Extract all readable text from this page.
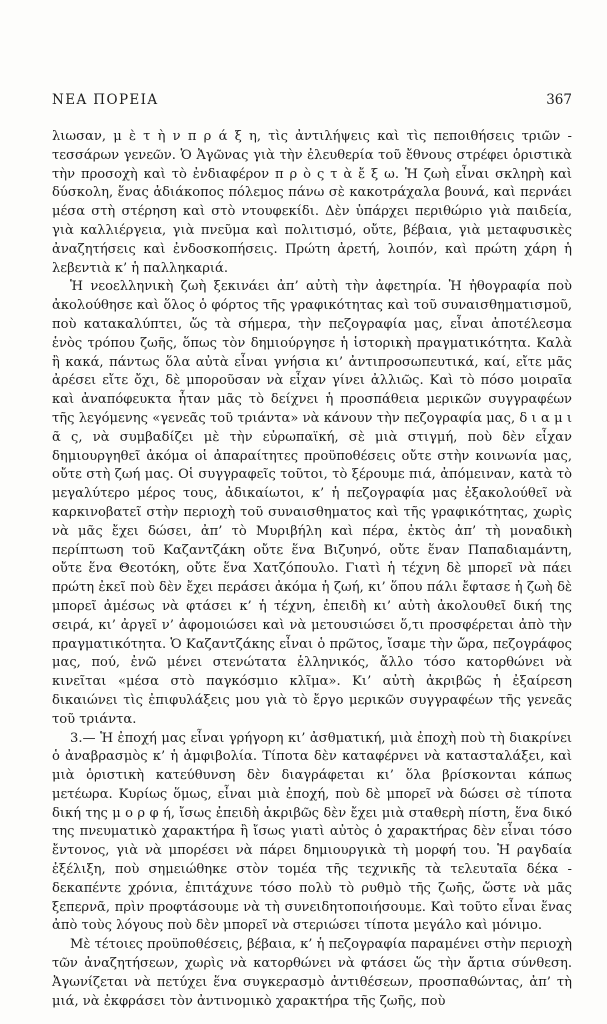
ΝΕΑ ΠΟΡΕΙΑ	367

λιωσαν, μ ὲ τ ὴ ν π ρ ά ξ η, τὶς ἀντιλήψεις καὶ τὶς πεποιθήσεις τριῶν - τεσσάρων γενεῶν. Ὁ Ἀγῶνας γιὰ τὴν ἐλευθερία τοῦ ἔθνους στρέφει ὁριστικὰ τὴν προσοχὴ καὶ τὸ ἐνδιαφέρον π ρ ὸ ς τ ὰ ἔ ξ ω. Ἡ ζωὴ εἶναι σκληρὴ καὶ δύσκολη, ἕνας ἀδιάκοπος πόλεμος πάνω σὲ κακοτράχαλα βουνά, καὶ περνάει μέσα στὴ στέρηση καὶ στὸ ντουφεκίδι. Δὲν ὑπάρχει περιθώριο γιὰ παιδεία, γιὰ καλλιέργεια, γιὰ πνεῦμα καὶ πολιτισμό, οὔτε, βέβαια, γιὰ μεταφυσικὲς ἀναζητήσεις καὶ ἐνδοσκοπήσεις. Πρώτη ἀρετή, λοιπόν, καὶ πρώτη χάρη ἡ λεβεντιὰ κ’ ἡ παλληκαριά.

Ἡ νεοελληνικὴ ζωὴ ξεκινάει ἀπ’ αὐτὴ τὴν ἀφετηρία. Ἡ ἠθογραφία ποὺ ἀκολούθησε καὶ ὅλος ὁ φόρτος τῆς γραφικότητας καὶ τοῦ συναισθηματισμοῦ, ποὺ κατακαλύπτει, ὥς τὰ σήμερα, τὴν πεζογραφία μας, εἶναι ἀποτέλεσμα ἑνὸς τρόπου ζωῆς, ὅπως τὸν δημιούργησε ἡ ἱστορικὴ πραγματικότητα. Καλὰ ἢ κακά, πάντως ὅλα αὐτὰ εἶναι γνήσια κι’ ἀντιπροσωπευτικά, καί, εἴτε μᾶς ἀρέσει εἴτε ὄχι, δὲ μποροῦσαν νὰ εἶχαν γίνει ἀλλιῶς. Καὶ τὸ πόσο μοιραῖα καὶ ἀναπόφευκτα ἦταν μᾶς τὸ δείχνει ἡ προσπάθεια μερικῶν συγγραφέων τῆς λεγόμενης «γενεᾶς τοῦ τριάντα» νὰ κάνουν τὴν πεζογραφία μας, δ ι α μ ι ᾶ ς, νὰ συμβαδίζει μὲ τὴν εὐρωπαϊκή, σὲ μιὰ στιγμή, ποὺ δὲν εἶχαν δημιουργηθεῖ ἀκόμα οἱ ἀπαραίτητες προϋποθέσεις οὔτε στὴν κοινωνία μας, οὔτε στὴ ζωή μας. Οἱ συγγραφεῖς τοῦτοι, τὸ ξέρουμε πιά, ἀπόμειναν, κατὰ τὸ μεγαλύτερο μέρος τους, ἀδικαίωτοι, κ’ ἡ πεζογραφία μας ἐξακολούθεῖ νὰ καρκινοβατεῖ στὴν περιοχὴ τοῦ συναισθηματος καὶ τῆς γραφικότητας, χωρὶς νὰ μᾶς ἔχει δώσει, ἀπ’ τὸ Μυριβήλη καὶ πέρα, ἐκτὸς ἀπ’ τὴ μοναδικὴ περίπτωση τοῦ Καζαντζάκη οὔτε ἕνα Βιζυηνό, οὔτε ἕναν Παπαδιαμάντη, οὔτε ἕνα Θεοτόκη, οὔτε ἕνα Χατζόπουλο. Γιατὶ ἡ τέχνη δὲ μπορεῖ νὰ πάει πρώτη ἐκεῖ ποὺ δὲν ἔχει περάσει ἀκόμα ἡ ζωή, κι’ ὅπου πάλι ἔφτασε ἡ ζωὴ δὲ μπορεῖ ἀμέσως νὰ φτάσει κ’ ἡ τέχνη, ἐπειδὴ κι’ αὐτὴ ἀκολουθεῖ δική της σειρά, κι’ ἀργεῖ ν’ ἀφομοιώσει καὶ νὰ μετουσιώσει ὅ,τι προσφέρεται ἀπὸ τὴν πραγματικότητα. Ὁ Καζαντζάκης εἶναι ὁ πρῶτος, ἴσαμε τὴν ὥρα, πεζογράφος μας, πού, ἐνῶ μένει στενώτατα ἑλληνικός, ἄλλο τόσο κατορθώνει νὰ κινεῖται «μέσα στὸ παγκόσμιο κλῖμα». Κι’ αὐτὴ ἀκριβῶς ἡ ἐξαίρεση δικαιώνει τὶς ἐπιφυλάξεις μου γιὰ τὸ ἔργο μερικῶν συγγραφέων τῆς γενεᾶς τοῦ τριάντα.

3.— Ἡ ἐποχή μας εἶναι γρήγορη κι’ ἀσθματική, μιὰ ἐποχὴ ποὺ τὴ διακρίνει ὁ ἀναβρασμὸς κ’ ἡ ἀμφιβολία. Τίποτα δὲν καταφέρνει νὰ κατασταλάξει, καὶ μιὰ ὁριστικὴ κατεύθυνση δὲν διαγράφεται κι’ ὅλα βρίσκονται κάπως μετέωρα. Κυρίως ὅμως, εἶναι μιὰ ἐποχή, ποὺ δὲ μπορεῖ νὰ δώσει σὲ τίποτα δική της μ ο ρ φ ή, ἴσως ἐπειδὴ ἀκριβῶς δὲν ἔχει μιὰ σταθερὴ πίστη, ἕνα δικό της πνευματικὸ χαρακτήρα ἢ ἴσως γιατὶ αὐτὸς ὁ χαρακτήρας δὲν εἶναι τόσο ἔντονος, γιὰ νὰ μπορέσει νὰ πάρει δημιουργικὰ τὴ μορφή του. Ἡ ραγδαία ἐξέλιξη, ποὺ σημειώθηκε στὸν τομέα τῆς τεχνικῆς τὰ τελευταῖα δέκα - δεκαπέντε χρόνια, ἐπιτάχυνε τόσο πολὺ τὸ ρυθμὸ τῆς ζωῆς, ὥστε νὰ μᾶς ξεπερνᾶ, πρὶν προφτάσουμε νὰ τὴ συνειδητοποιήσουμε. Καὶ τοῦτο εἶναι ἕνας ἀπὸ τοὺς λόγους ποὺ δὲν μπορεῖ νὰ στεριώσει τίποτα μεγάλο καὶ μόνιμο.

Μὲ τέτοιες προϋποθέσεις, βέβαια, κ’ ἡ πεζογραφία παραμένει στὴν περιοχὴ τῶν ἀναζητήσεων, χωρὶς νὰ κατορθώνει νὰ φτάσει ὥς τὴν ἄρτια σύνθεση. Ἀγωνίζεται νὰ πετύχει ἕνα συγκερασμὸ ἀντιθέσεων, προσπαθώντας, ἀπ’ τὴ μιά, νὰ ἐκφράσει τὸν ἀντινομικὸ χαρακτήρα τῆς ζωῆς, ποὺ
